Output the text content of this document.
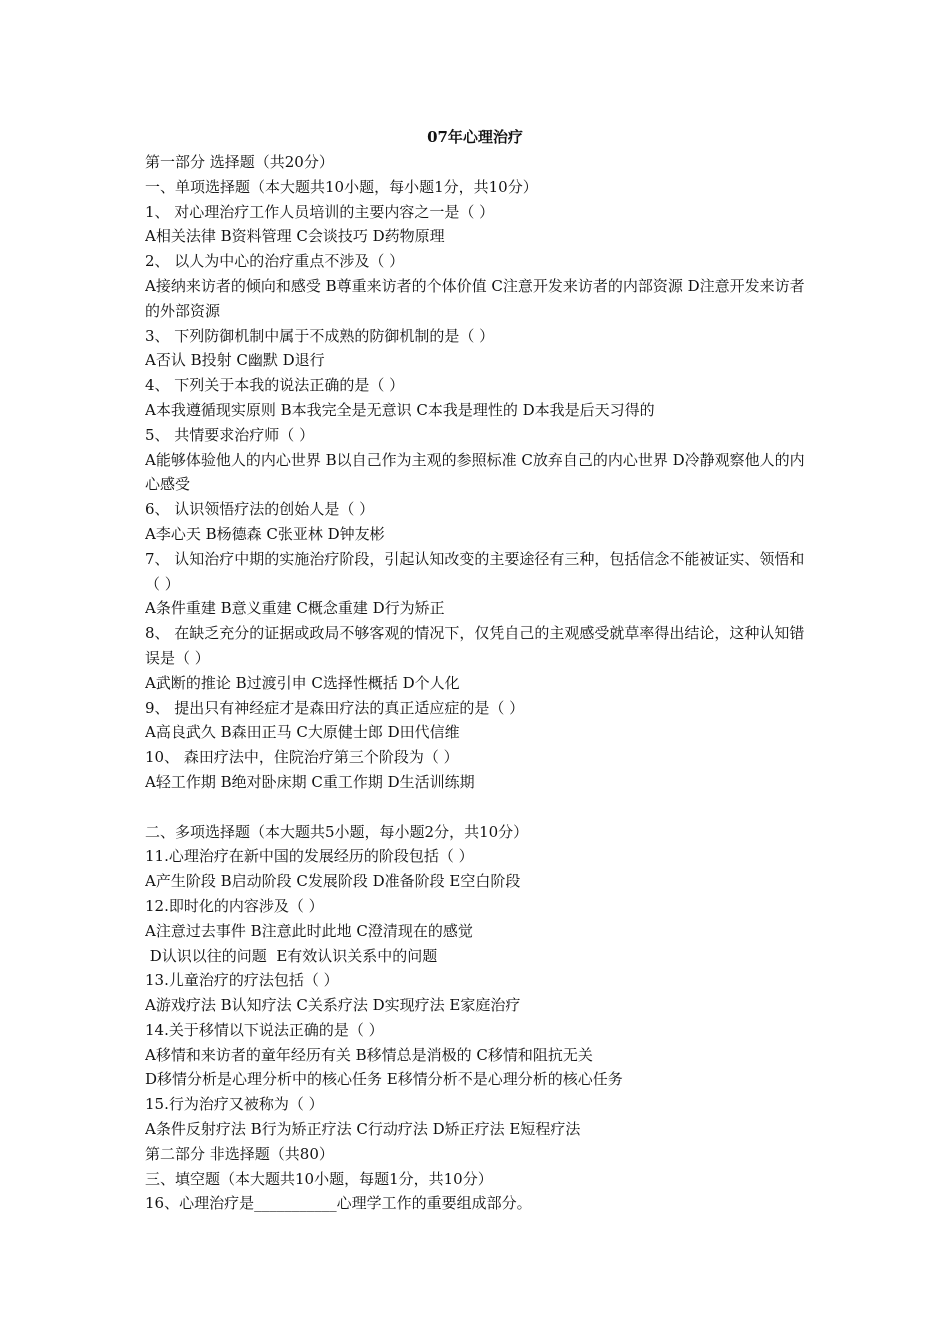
07年心理治疗
第一部分 选择题（共20分）
一、单项选择题（本大题共10小题，每小题1分，共10分）
1、 对心理治疗工作人员培训的主要内容之一是（ ）
A相关法律 B资料管理 C会谈技巧 D药物原理
2、 以人为中心的治疗重点不涉及（ ）
A接纳来访者的倾向和感受 B尊重来访者的个体价值 C注意开发来访者的内部资源 D注意开发来访者的外部资源
3、 下列防御机制中属于不成熟的防御机制的是（ ）
A否认 B投射 C幽默 D退行
4、 下列关于本我的说法正确的是（ ）
A本我遵循现实原则 B本我完全是无意识 C本我是理性的 D本我是后天习得的
5、 共情要求治疗师（ ）
A能够体验他人的内心世界 B以自己作为主观的参照标准 C放弃自己的内心世界 D冷静观察他人的内心感受
6、 认识领悟疗法的创始人是（ ）
A李心天 B杨德森 C张亚林 D钟友彬
7、 认知治疗中期的实施治疗阶段，引起认知改变的主要途径有三种，包括信念不能被证实、领悟和（ ）
A条件重建 B意义重建 C概念重建 D行为矫正
8、 在缺乏充分的证据或政局不够客观的情况下，仅凭自己的主观感受就草率得出结论，这种认知错误是（ ）
A武断的推论 B过渡引申 C选择性概括 D个人化
9、 提出只有神经症才是森田疗法的真正适应症的是（ ）
A高良武久 B森田正马 C大原健士郎 D田代信维
10、 森田疗法中，住院治疗第三个阶段为（ ）
A轻工作期 B绝对卧床期 C重工作期 D生活训练期
二、多项选择题（本大题共5小题，每小题2分，共10分）
11.心理治疗在新中国的发展经历的阶段包括（ ）
A产生阶段 B启动阶段 C发展阶段 D准备阶段 E空白阶段
12.即时化的内容涉及（ ）
A注意过去事件 B注意此时此地 C澄清现在的感觉
D认识以往的问题  E有效认识关系中的问题
13.儿童治疗的疗法包括（ ）
A游戏疗法 B认知疗法 C关系疗法 D实现疗法 E家庭治疗
14.关于移情以下说法正确的是（ ）
A移情和来访者的童年经历有关 B移情总是消极的 C移情和阻抗无关
D移情分析是心理分析中的核心任务 E移情分析不是心理分析的核心任务
15.行为治疗又被称为（ ）
A条件反射疗法 B行为矫正疗法 C行动疗法 D矫正疗法 E短程疗法
第二部分 非选择题（共80）
三、填空题（本大题共10小题，每题1分，共10分）
16、心理治疗是___________心理学工作的重要组成部分。
